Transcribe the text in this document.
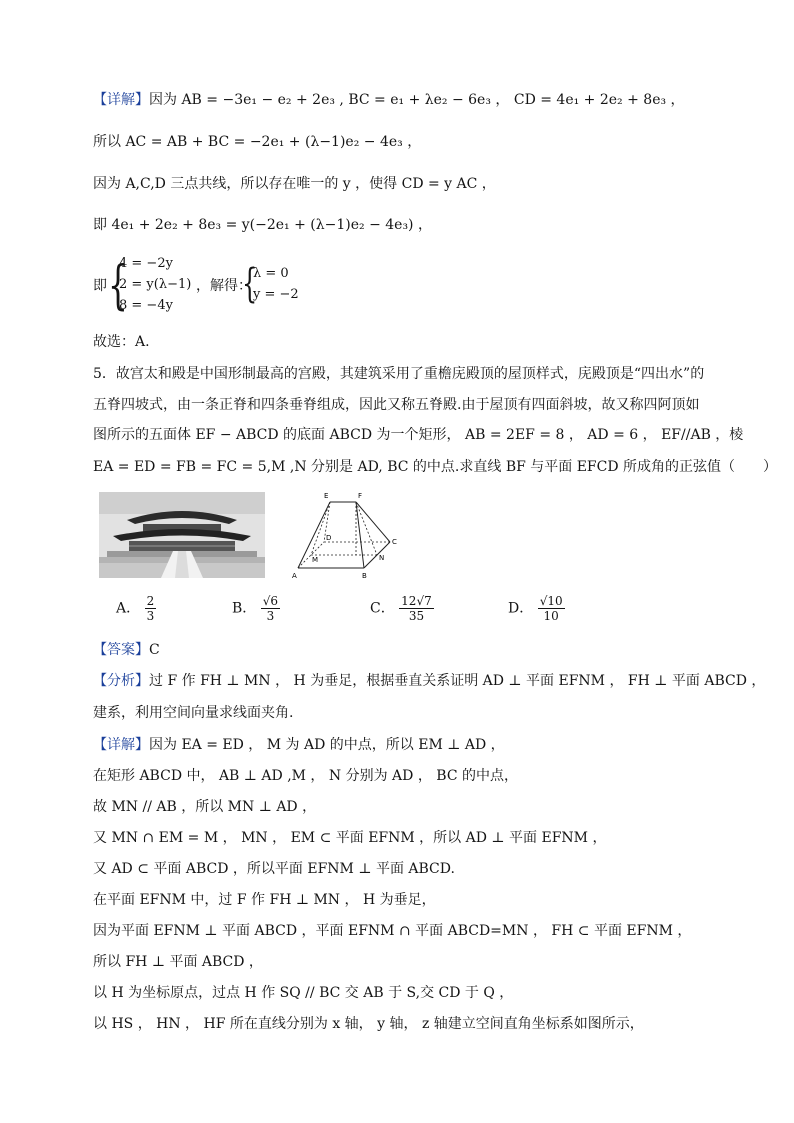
【详解】因为 AB = −3e₁ − e₂ + 2e₃ , BC = e₁ + λe₂ − 6e₃ ， CD = 4e₁ + 2e₂ + 8e₃ ，
所以 AC = AB + BC = −2e₁ + (λ−1)e₂ − 4e₃ ，
因为 A,C,D 三点共线，所以存在唯一的 y ，使得 CD = y AC ，
即 4e₁ + 2e₂ + 8e₃ = y(−2e₁ + (λ−1)e₂ − 4e₃) ，
即 {
4 = −2y
2 = y(λ−1)
8 = −4y
，解得：
{
λ = 0
y = −2
故选：A.
5．故宫太和殿是中国形制最高的宫殿，其建筑采用了重檐庑殿顶的屋顶样式，庑殿顶是“四出水”的
五脊四坡式，由一条正脊和四条垂脊组成，因此又称五脊殿.由于屋顶有四面斜坡，故又称四阿顶如
图所示的五面体 EF − ABCD 的底面 ABCD 为一个矩形， AB = 2EF = 8 ， AD = 6 ， EF//AB ，棱
EA = ED = FB = FC = 5,M ,N 分别是 AD, BC 的中点.求直线 BF 与平面 EFCD 所成角的正弦值（　　）
E	F
D	C
N
M
A	B
A． $\frac{2}{3}$	B． $\frac{√6}{3}$	C． $\frac{12√7}{35}$	D． $\frac{√10}{10}$
【答案】C
【分析】过 F 作 FH ⊥ MN ， H 为垂足，根据垂直关系证明 AD ⊥ 平面 EFNM ， FH ⊥ 平面 ABCD ，
建系，利用空间向量求线面夹角.
【详解】因为 EA = ED ， M 为 AD 的中点，所以 EM ⊥ AD ，
在矩形 ABCD 中， AB ⊥ AD ,M ， N 分别为 AD ， BC 的中点，
故 MN // AB ，所以 MN ⊥ AD ，
又 MN ∩ EM = M ， MN ， EM ⊂ 平面 EFNM ，所以 AD ⊥ 平面 EFNM ，
又 AD ⊂ 平面 ABCD ，所以平面 EFNM ⊥ 平面 ABCD.
在平面 EFNM 中，过 F 作 FH ⊥ MN ， H 为垂足，
因为平面 EFNM ⊥ 平面 ABCD ，平面 EFNM ∩ 平面 ABCD=MN ， FH ⊂ 平面 EFNM ，
所以 FH ⊥ 平面 ABCD ，
以 H 为坐标原点，过点 H 作 SQ // BC 交 AB 于 S,交 CD 于 Q ，
以 HS ， HN ， HF 所在直线分别为 x 轴， y 轴， z 轴建立空间直角坐标系如图所示，
